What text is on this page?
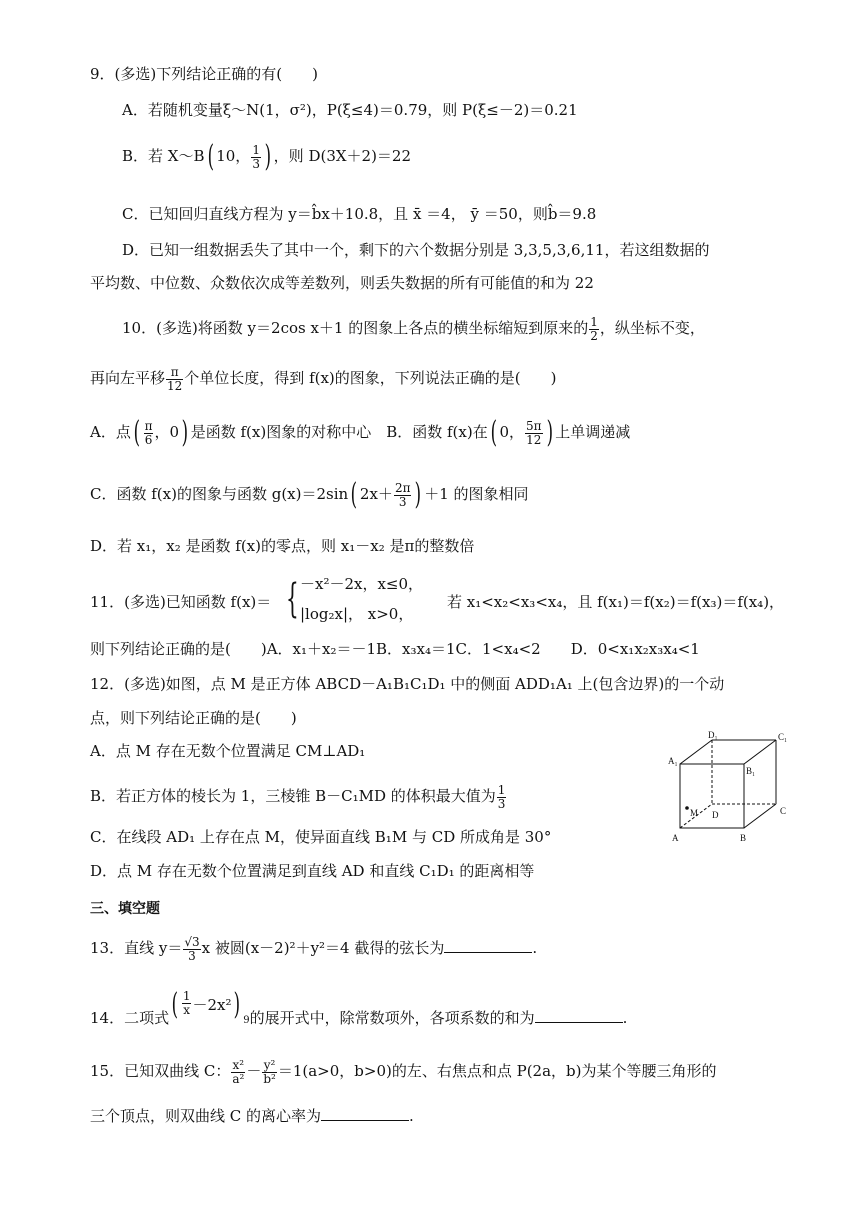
9．(多选)下列结论正确的有(　　)
A．若随机变量ξ～N(1，σ²)，P(ξ≤4)＝0.79，则 P(ξ≤－2)＝0.21
B．若 X～B( 10， $\frac{1}{3}$ ) ，则 D(3X＋2)＝22
C．已知回归直线方程为 y＝b̂x＋10.8，且 x̄ ＝4， ȳ ＝50，则b̂＝9.8
D．已知一组数据丢失了其中一个，剩下的六个数据分别是 3,3,5,3,6,11，若这组数据的
平均数、中位数、众数依次成等差数列，则丢失数据的所有可能值的和为 22
10．(多选)将函数 y＝2cos x＋1 的图象上各点的横坐标缩短到原来的 $\frac{1}{2}$ ，纵坐标不变，
再向左平移 $\frac{\pi}{12}$ 个单位长度，得到 f(x)的图象，下列说法正确的是(　　)
A．点( $\frac{\pi}{6}$ ，0) 是函数 f(x)图象的对称中心　B．函数 f(x)在( 0， $\frac{5\pi}{12}$ ) 上单调递减
C．函数 f(x)的图象与函数 g(x)＝2sin( $2x+ \frac{2\pi}{3}$ ) ＋1 的图象相同
D．若 x₁，x₂ 是函数 f(x)的零点，则 x₁－x₂ 是π的整数倍
11．(多选)已知函数 f(x)＝ { －x²－2x，x≤0，
|log₂x|， x>0，
若 x₁<x₂<x₃<x₄，且 f(x₁)＝f(x₂)＝f(x₃)＝f(x₄)，
则下列结论正确的是(　　)A．x₁＋x₂＝－1B．x₃x₄＝1C．1<x₄<2　　D．0<x₁x₂x₃x₄<1
12．(多选)如图，点 M 是正方体 ABCD－A₁B₁C₁D₁ 中的侧面 ADD₁A₁ 上(包含边界)的一个动
点，则下列结论正确的是(　　)
A．点 M 存在无数个位置满足 CM⊥AD₁
B．若正方体的棱长为 1，三棱锥 B－C₁MD 的体积最大值为 $\frac{1}{3}$
C．在线段 AD₁ 上存在点 M，使异面直线 B₁M 与 CD 所成角是 30°
D．点 M 存在无数个位置满足到直线 AD 和直线 C₁D₁ 的距离相等
D₁	C₁
A₁
B₁
M D	C
A	B
三、填空题
13．直线 $y= \frac{√3}{3}$ x 被圆(x－2)²＋y²＝4 截得的弦长为	.
14．二项式( $\frac{1}{x} -2x^2$) 9的展开式中，除常数项外，各项系数的和为	.
15．已知双曲线 C： $\frac{\text{x²}}{\text{a²}} - \frac{\text{y²}}{\text{b²}} =1(a>0$，b>0)的左、右焦点和点 P(2a，b)为某个等腰三角形的
三个顶点，则双曲线 C 的离心率为	.
